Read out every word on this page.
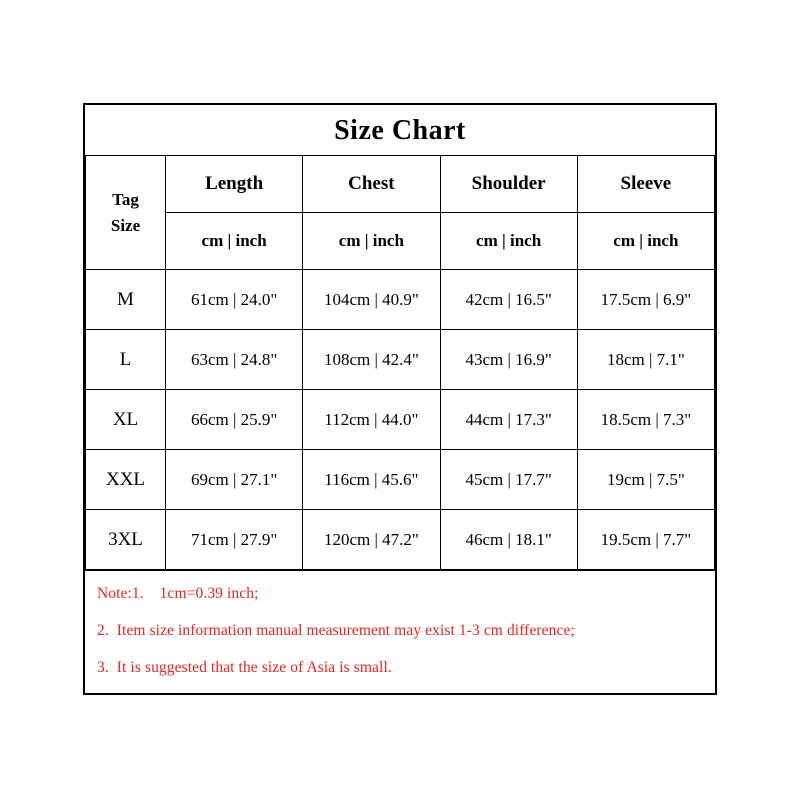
Size Chart
Tag
Size	Length	Chest	Shoulder	Sleeve
	cm | inch	cm | inch	cm | inch	cm | inch
M	61cm | 24.0"	104cm | 40.9"	42cm | 16.5"	17.5cm | 6.9"
L	63cm | 24.8"	108cm | 42.4"	43cm | 16.9"	18cm | 7.1"
XL	66cm | 25.9"	112cm | 44.0"	44cm | 17.3"	18.5cm | 7.3"
XXL	69cm | 27.1"	116cm | 45.6"	45cm | 17.7"	19cm | 7.5"
3XL	71cm | 27.9"	120cm | 47.2"	46cm | 18.1"	19.5cm | 7.7"
Note:1.    1cm=0.39 inch;
2.  Item size information manual measurement may exist 1-3 cm difference;
3.  It is suggested that the size of Asia is small.
